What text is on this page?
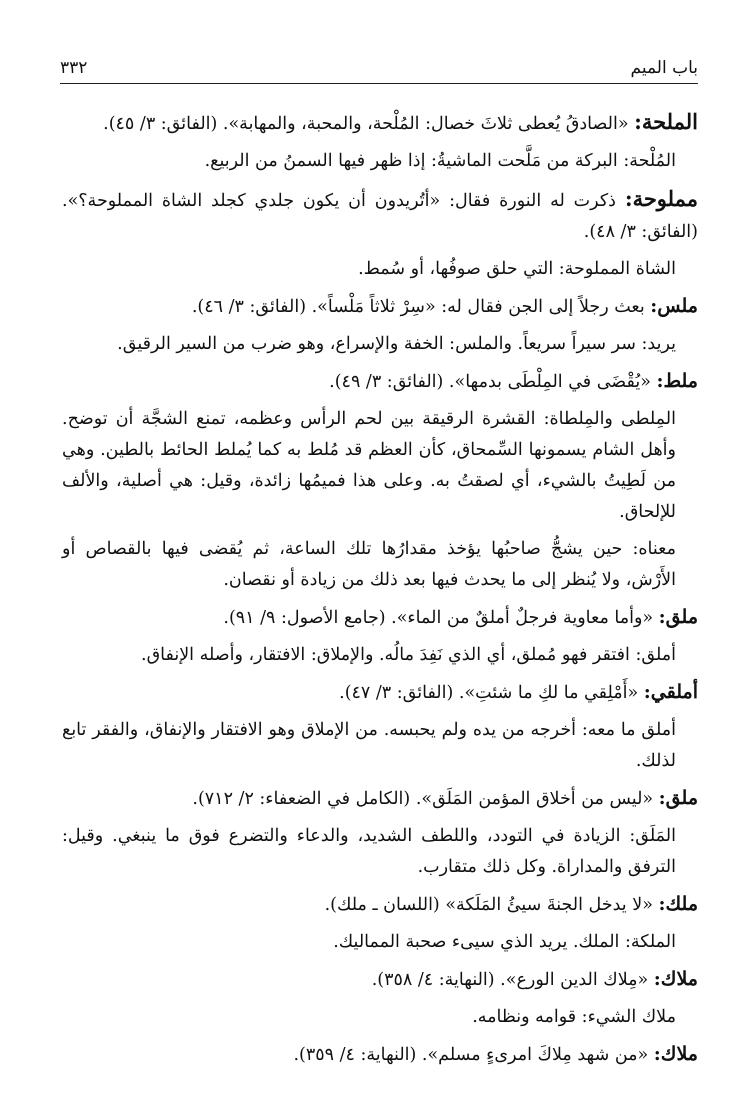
باب الميم
٣٣٢
الملحة: «الصادقُ يُعطى ثلاثَ خصال: المُلْحة، والمحبة، والمهابة». (الفائق: ٣/ ٤٥).
المُلْحة: البركة من مَلَّحت الماشيةُ: إذا ظهر فيها السمنُ من الربيع.
مملوحة: ذكرت له النورة فقال: «أتُريدون أن يكون جلدي كجلد الشاة المملوحة؟». (الفائق: ٣/ ٤٨).
الشاة المملوحة: التي حلق صوفُها، أو سُمط.
ملس: بعث رجلاً إلى الجن فقال له: «سِرْ ثلاثاً مَلْساً». (الفائق: ٣/ ٤٦).
يريد: سر سيراً سريعاً. والملس: الخفة والإسراع، وهو ضرب من السير الرقيق.
ملط: «يُقْضَى في المِلْطَى بدمها». (الفائق: ٣/ ٤٩).
المِلطى والمِلطاة: القشرة الرقيقة بين لحم الرأس وعظمه، تمنع الشجَّة أن توضح. وأهل الشام يسمونها السِّمحاق، كأن العظم قد مُلط به كما يُملط الحائط بالطين. وهي من لَطِيتُ بالشيء، أي لصقتُ به. وعلى هذا فميمُها زائدة، وقيل: هي أصلية، والألف للإلحاق.
معناه: حين يشجُّ صاحبُها يؤخذ مقدارُها تلك الساعة، ثم يُقضى فيها بالقصاص أو الأَرْش، ولا يُنظر إلى ما يحدث فيها بعد ذلك من زيادة أو نقصان.
ملق: «وأما معاوية فرجلٌ أملقٌ من الماء». (جامع الأصول: ٩/ ٩١).
أملق: افتقر فهو مُملق، أي الذي نَفِدَ مالُه. والإملاق: الافتقار، وأصله الإنفاق.
أملقي: «أَمْلِقي ما لكِ ما شئتِ». (الفائق: ٣/ ٤٧).
أملق ما معه: أخرجه من يده ولم يحبسه. من الإملاق وهو الافتقار والإنفاق، والفقر تابع لذلك.
ملق: «ليس من أخلاق المؤمن المَلَق». (الكامل في الضعفاء: ٢/ ٧١٢).
المَلَق: الزيادة في التودد، واللطف الشديد، والدعاء والتضرع فوق ما ينبغي. وقيل: الترفق والمداراة. وكل ذلك متقارب.
ملك: «لا يدخل الجنةَ سيئُ المَلَكة» (اللسان ـ ملك).
الملكة: الملك. يريد الذي سيىء صحبة المماليك.
ملاك: «مِلاك الدين الورع». (النهاية: ٤/ ٣٥٨).
ملاك الشيء: قوامه ونظامه.
ملاك: «من شهد مِلاكَ امرىءٍ مسلم». (النهاية: ٤/ ٣٥٩).
